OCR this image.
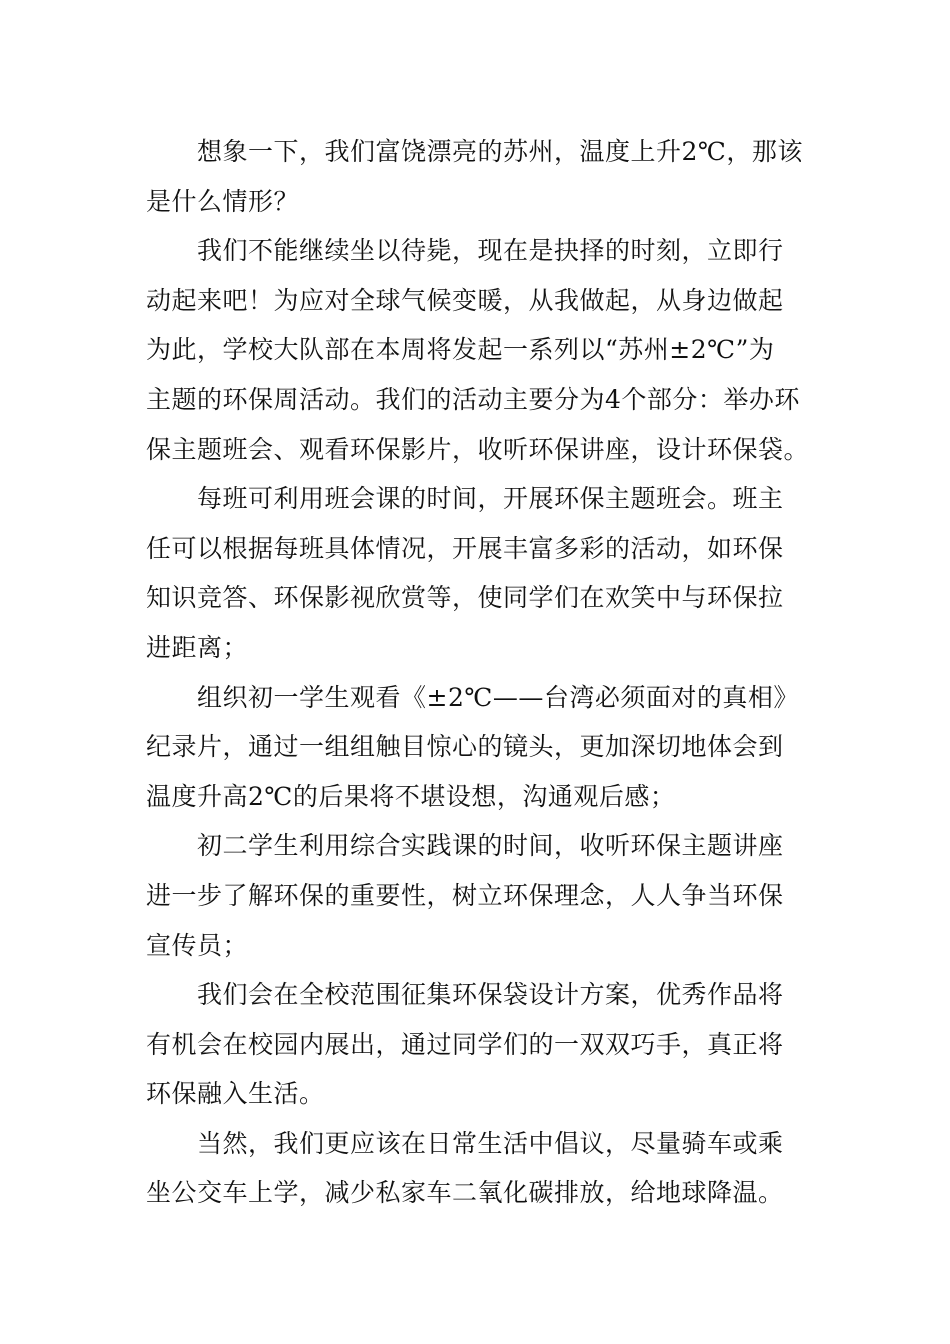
想象一下，我们富饶漂亮的苏州，温度上升2℃，那该
是什么情形？

我们不能继续坐以待毙，现在是抉择的时刻，立即行
动起来吧！为应对全球气候变暖，从我做起，从身边做起
为此，学校大队部在本周将发起一系列以“苏州±2℃”为
主题的环保周活动。我们的活动主要分为4个部分：举办环
保主题班会、观看环保影片，收听环保讲座，设计环保袋。

每班可利用班会课的时间，开展环保主题班会。班主
任可以根据每班具体情况，开展丰富多彩的活动，如环保
知识竞答、环保影视欣赏等，使同学们在欢笑中与环保拉
进距离；

组织初一学生观看《±2℃——台湾必须面对的真相》
纪录片，通过一组组触目惊心的镜头，更加深切地体会到
温度升高2℃的后果将不堪设想，沟通观后感；

初二学生利用综合实践课的时间，收听环保主题讲座
进一步了解环保的重要性，树立环保理念，人人争当环保
宣传员；

我们会在全校范围征集环保袋设计方案，优秀作品将
有机会在校园内展出，通过同学们的一双双巧手，真正将
环保融入生活。

当然，我们更应该在日常生活中倡议，尽量骑车或乘
坐公交车上学，减少私家车二氧化碳排放，给地球降温。
